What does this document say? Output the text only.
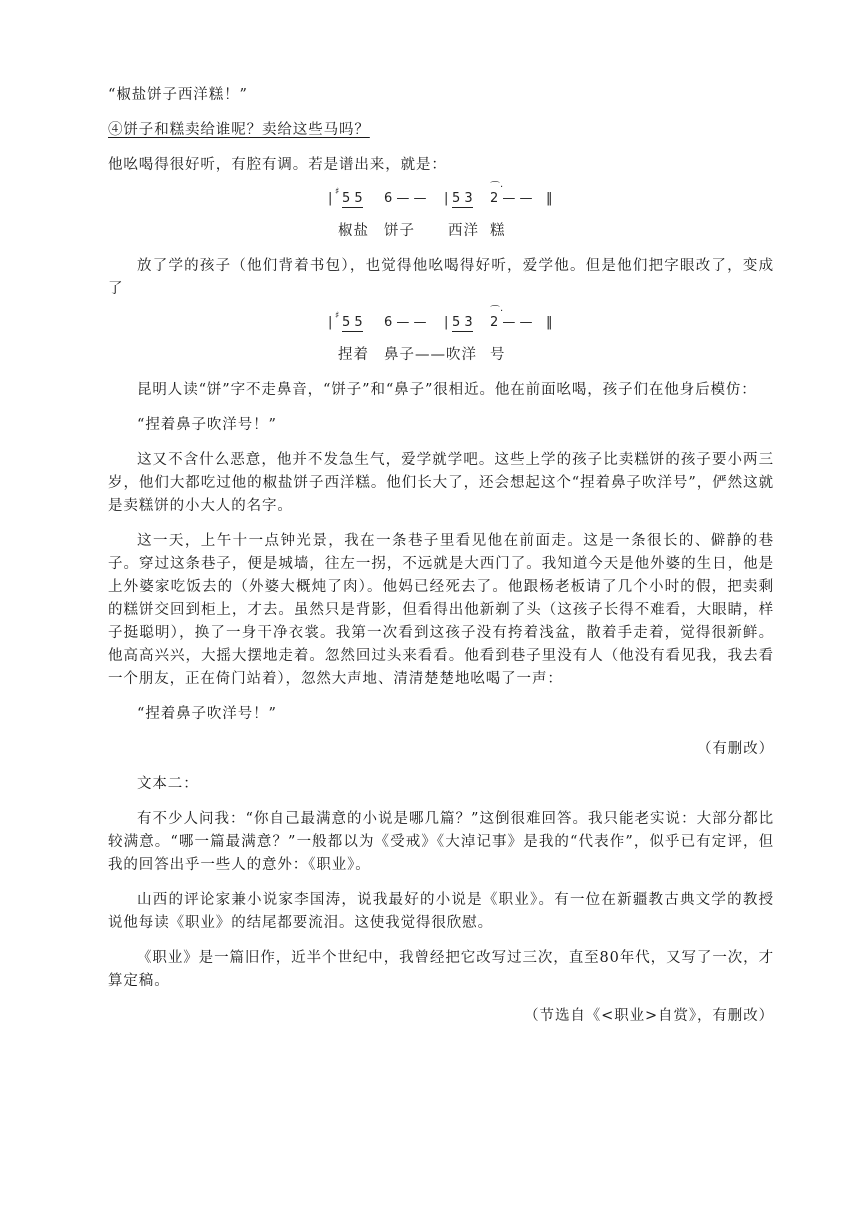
“椒盐饼子西洋糕！”

④饼子和糕卖给谁呢？卖给这些马吗？

他吆喝得很好听，有腔有调。若是谱出来，就是：

| ♯ 5 5 6 — — | 5 3
⌒·
2 — — ‖
椒盐 饼子 西洋 糕

放了学的孩子（他们背着书包），也觉得他吆喝得好听，爱学他。但是他们把字眼改了，变成了

| ♯ 5 5 6 — — | 5 3
⌒·
2 — — ‖
捏着 鼻子——吹洋 号

昆明人读“饼”字不走鼻音，“饼子”和“鼻子”很相近。他在前面吆喝，孩子们在他身后模仿：

“捏着鼻子吹洋号！”

这又不含什么恶意，他并不发急生气，爱学就学吧。这些上学的孩子比卖糕饼的孩子要小两三岁，他们大都吃过他的椒盐饼子西洋糕。他们长大了，还会想起这个“捏着鼻子吹洋号”，俨然这就是卖糕饼的小大人的名字。

这一天，上午十一点钟光景，我在一条巷子里看见他在前面走。这是一条很长的、僻静的巷子。穿过这条巷子，便是城墙，往左一拐，不远就是大西门了。我知道今天是他外婆的生日，他是上外婆家吃饭去的（外婆大概炖了肉）。他妈已经死去了。他跟杨老板请了几个小时的假，把卖剩的糕饼交回到柜上，才去。虽然只是背影，但看得出他新剃了头（这孩子长得不难看，大眼睛，样子挺聪明），换了一身干净衣裳。我第一次看到这孩子没有挎着浅盆，散着手走着，觉得很新鲜。他高高兴兴，大摇大摆地走着。忽然回过头来看看。他看到巷子里没有人（他没有看见我，我去看一个朋友，正在倚门站着），忽然大声地、清清楚楚地吆喝了一声：

“捏着鼻子吹洋号！”

（有删改）

文本二：

有不少人问我：“你自己最满意的小说是哪几篇？”这倒很难回答。我只能老实说：大部分都比较满意。“哪一篇最满意？”一般都以为《受戒》《大淖记事》是我的“代表作”，似乎已有定评，但我的回答出乎一些人的意外：《职业》。

山西的评论家兼小说家李国涛，说我最好的小说是《职业》。有一位在新疆教古典文学的教授说他每读《职业》的结尾都要流泪。这使我觉得很欣慰。

《职业》是一篇旧作，近半个世纪中，我曾经把它改写过三次，直至80年代，又写了一次，才算定稿。

（节选自《<职业>自赏》，有删改）
